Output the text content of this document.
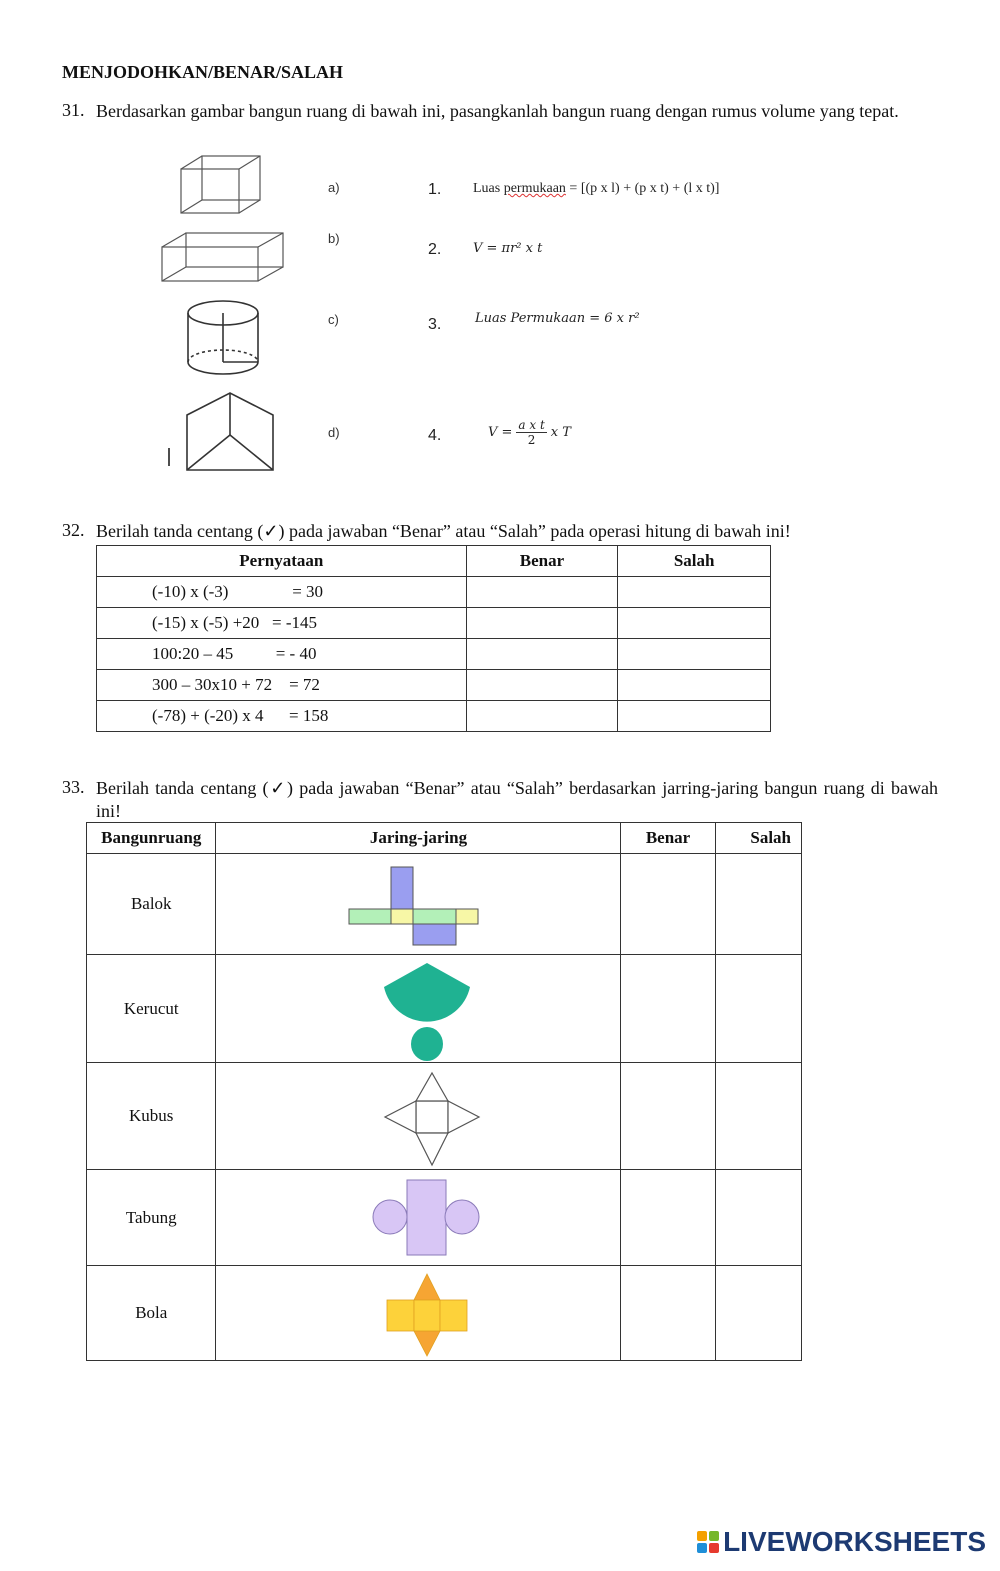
MENJODOHKAN/BENAR/SALAH
31. Berdasarkan gambar bangun ruang di bawah ini, pasangkanlah bangun ruang dengan rumus volume yang tepat.
a)
b)
c)
d)
1.
2.
3.
4.
Luas permukaan = [(p x l) + (p x t) + (l x t)]
V = πr² x t
Luas Permukaan = 6 x r²
$V = \frac{\text{a x t}}{2}$ x T
32. Berilah tanda centang (✓) pada jawaban “Benar” atau “Salah” pada operasi hitung di bawah ini!
Pernyataan	Benar	Salah
(-10) x (-3)               = 30		
(-15) x (-5) +20   = -145		
100:20 – 45          = - 40		
300 – 30x10 + 72    = 72		
(-78) + (-20) x 4      = 158		
33. Berilah tanda centang (✓) pada jawaban “Benar” atau “Salah” berdasarkan jarring-jaring bangun ruang di bawah ini!
Bangunruang	Jaring-jaring	Benar	Salah
Balok	

Kerucut	

Kubus	

Tabung	

Bola	

LIVEWORKSHEETS
